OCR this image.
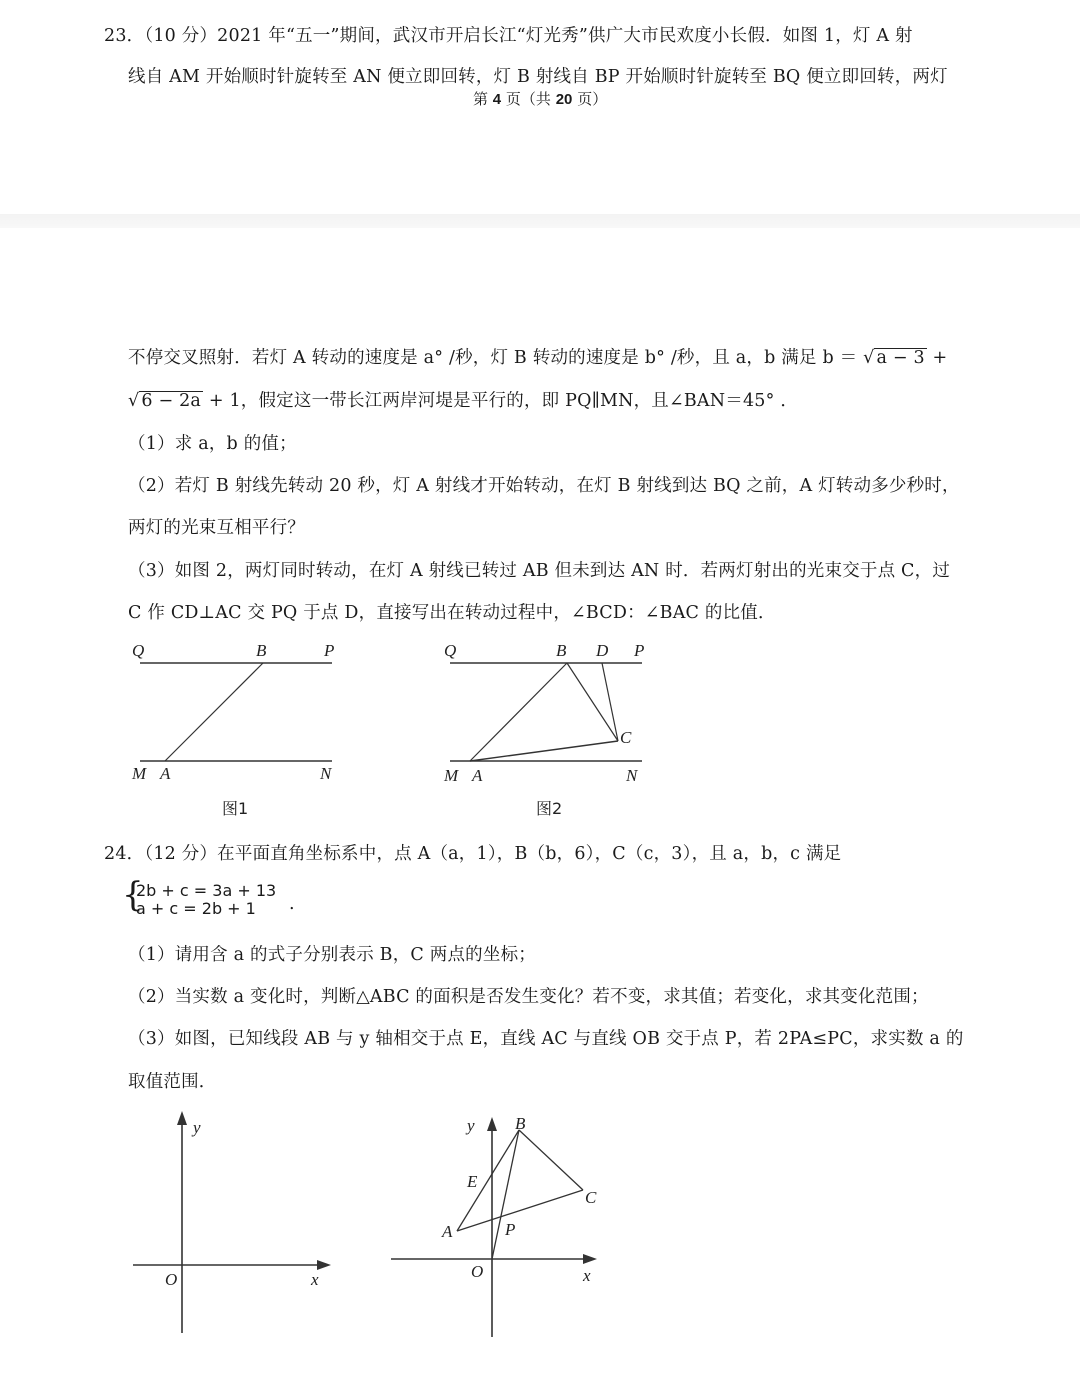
23．（10 分）2021 年“五一”期间，武汉市开启长江“灯光秀”供广大市民欢度小长假．如图 1，灯 A 射
线自 AM 开始顺时针旋转至 AN 便立即回转，灯 B 射线自 BP 开始顺时针旋转至 BQ 便立即回转，两灯
第 4 页（共 20 页）
不停交叉照射．若灯 A 转动的速度是 a° /秒，灯 B 转动的速度是 b° /秒，且 a，b 满足 b ＝ √ a − 3 +
√ 6 − 2a + 1，假定这一带长江两岸河堤是平行的，即 PQ∥MN，且∠BAN＝45° ．
（1）求 a，b 的值；
（2）若灯 B 射线先转动 20 秒，灯 A 射线才开始转动，在灯 B 射线到达 BQ 之前，A 灯转动多少秒时，
两灯的光束互相平行？
（3）如图 2，两灯同时转动，在灯 A 射线已转过 AB 但未到达 AN 时．若两灯射出的光束交于点 C，过
C 作 CD⊥AC 交 PQ 于点 D，直接写出在转动过程中，∠BCD：∠BAC 的比值．
Q	B	P
M A	N
图1
Q	B D P
C
M A	N
图2
24．（12 分）在平面直角坐标系中，点 A（a，1），B（b，6），C（c，3），且 a，b，c 满足
{
2b + c = 3a + 13
a + c = 2b + 1 .
（1）请用含 a 的式子分别表示 B，C 两点的坐标；
（2）当实数 a 变化时，判断△ABC 的面积是否发生变化？若不变，求其值；若变化，求其变化范围；
（3）如图，已知线段 AB 与 y 轴相交于点 E，直线 AC 与直线 OB 交于点 P，若 2PA≤PC，求实数 a 的
取值范围．
y
O	x
y B
E
C
A	P
O	x
